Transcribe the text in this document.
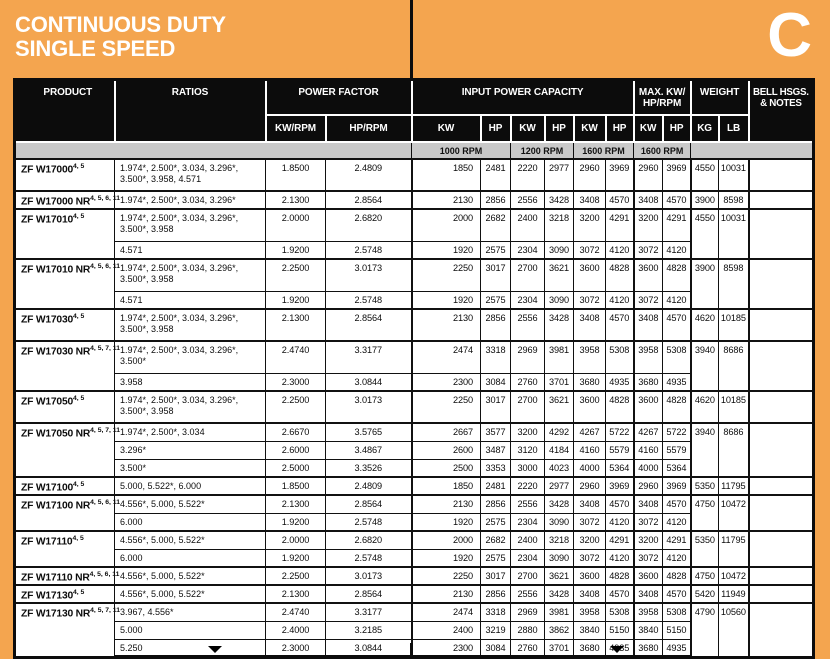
CONTINUOUS DUTY
SINGLE SPEED	C
PRODUCT	RATIOS	POWER FACTOR		INPUT POWER CAPACITY						MAX. KW/
HP/RPM		WEIGHT		BELL HSGS.
& NOTES
		KW/RPM	HP/RPM	KW	HP	KW	HP	KW	HP	KW	HP	KG	LB	
				1000 RPM		1200 RPM		1600 RPM		1600 RPM				
ZF W17000$^{4, 5}$	1.974*, 2.500*, 3.034, 3.296*, 3.500*, 3.958, 4.571	1.8500	2.4809	1850	2481	2220	2977	2960	3969	2960	3969	4550	10031	
ZF W17000 NR$^{4, 5, 6, 11}$	1.974*, 2.500*, 3.034, 3.296*	2.1300	2.8564	2130	2856	2556	3428	3408	4570	3408	4570	3900	8598	
ZF W17010$^{4, 5}$	1.974*, 2.500*, 3.034, 3.296*, 3.500*, 3.958	2.0000	2.6820	2000	2682	2400	3218	3200	4291	3200	4291	4550	10031	
	4.571	1.9200	2.5748	1920	2575	2304	3090	3072	4120	3072	4120			
ZF W17010 NR$^{4, 5, 6, 11}$	1.974*, 2.500*, 3.034, 3.296*, 3.500*, 3.958	2.2500	3.0173	2250	3017	2700	3621	3600	4828	3600	4828	3900	8598	
	4.571	1.9200	2.5748	1920	2575	2304	3090	3072	4120	3072	4120			
ZF W17030$^{4, 5}$	1.974*, 2.500*, 3.034, 3.296*, 3.500*, 3.958	2.1300	2.8564	2130	2856	2556	3428	3408	4570	3408	4570	4620	10185	
ZF W17030 NR$^{4, 5, 7, 11}$	1.974*, 2.500*, 3.034, 3.296*, 3.500*	2.4740	3.3177	2474	3318	2969	3981	3958	5308	3958	5308	3940	8686	
	3.958	2.3000	3.0844	2300	3084	2760	3701	3680	4935	3680	4935			
ZF W17050$^{4, 5}$	1.974*, 2.500*, 3.034, 3.296*, 3.500*, 3.958	2.2500	3.0173	2250	3017	2700	3621	3600	4828	3600	4828	4620	10185	
ZF W17050 NR$^{4, 5, 7, 11}$	1.974*, 2.500*, 3.034	2.6670	3.5765	2667	3577	3200	4292	4267	5722	4267	5722	3940	8686	
	3.296*	2.6000	3.4867	2600	3487	3120	4184	4160	5579	4160	5579			
	3.500*	2.5000	3.3526	2500	3353	3000	4023	4000	5364	4000	5364			
ZF W17100$^{4, 5}$	5.000, 5.522*, 6.000	1.8500	2.4809	1850	2481	2220	2977	2960	3969	2960	3969	5350	11795	
ZF W17100 NR$^{4, 5, 6, 11}$	4.556*, 5.000, 5.522*	2.1300	2.8564	2130	2856	2556	3428	3408	4570	3408	4570	4750	10472	
	6.000	1.9200	2.5748	1920	2575	2304	3090	3072	4120	3072	4120			
ZF W17110$^{4, 5}$	4.556*, 5.000, 5.522*	2.0000	2.6820	2000	2682	2400	3218	3200	4291	3200	4291	5350	11795	
	6.000	1.9200	2.5748	1920	2575	2304	3090	3072	4120	3072	4120			
ZF W17110 NR$^{4, 5, 6, 11}$	4.556*, 5.000, 5.522*	2.2500	3.0173	2250	3017	2700	3621	3600	4828	3600	4828	4750	10472	
ZF W17130$^{4, 5}$	4.556*, 5.000, 5.522*	2.1300	2.8564	2130	2856	2556	3428	3408	4570	3408	4570	5420	11949	
ZF W17130 NR$^{4, 5, 7, 11}$	3.967, 4.556*	2.4740	3.3177	2474	3318	2969	3981	3958	5308	3958	5308	4790	10560	
	5.000	2.4000	3.2185	2400	3219	2880	3862	3840	5150	3840	5150			
	5.250	2.3000	3.0844	2300	3084	2760	3701	3680	4935	3680	4935			
